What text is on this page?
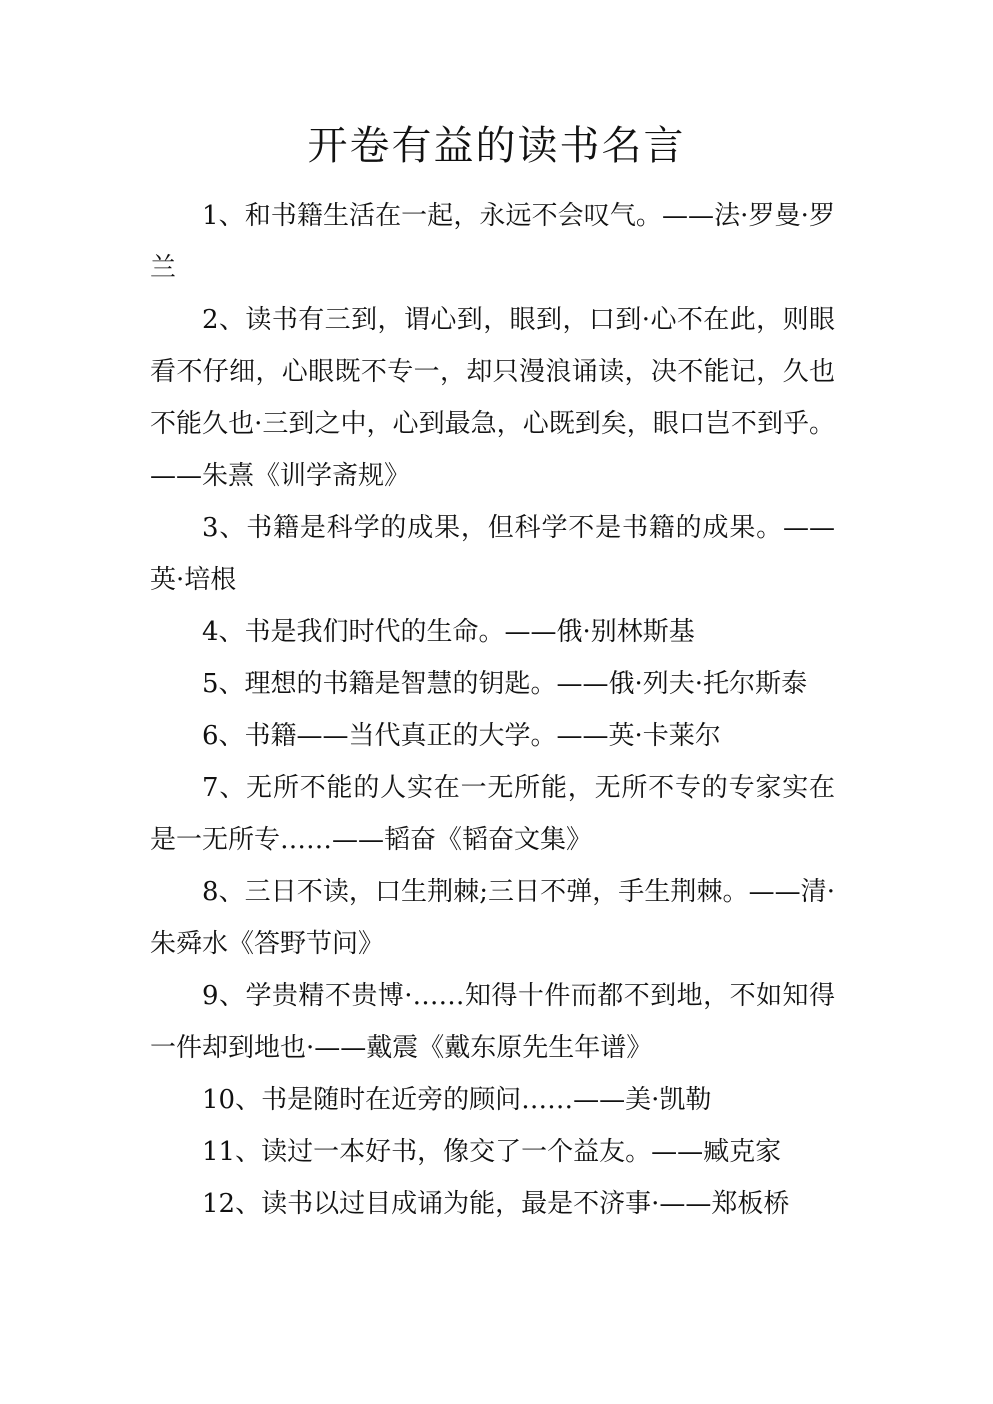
开卷有益的读书名言

1、和书籍生活在一起，永远不会叹气。——法·罗曼·罗兰

2、读书有三到，谓心到，眼到，口到·心不在此，则眼看不仔细，心眼既不专一，却只漫浪诵读，决不能记，久也不能久也·三到之中，心到最急，心既到矣，眼口岂不到乎。——朱熹《训学斋规》

3、书籍是科学的成果，但科学不是书籍的成果。——英·培根

4、书是我们时代的生命。——俄·别林斯基

5、理想的书籍是智慧的钥匙。——俄·列夫·托尔斯泰

6、书籍——当代真正的大学。——英·卡莱尔

7、无所不能的人实在一无所能，无所不专的专家实在是一无所专……——韬奋《韬奋文集》

8、三日不读，口生荆棘;三日不弹，手生荆棘。——清·朱舜水《答野节问》

9、学贵精不贵博·……知得十件而都不到地，不如知得一件却到地也·——戴震《戴东原先生年谱》

10、书是随时在近旁的顾问……——美·凯勒

11、读过一本好书，像交了一个益友。——臧克家

12、读书以过目成诵为能，最是不济事·——郑板桥
